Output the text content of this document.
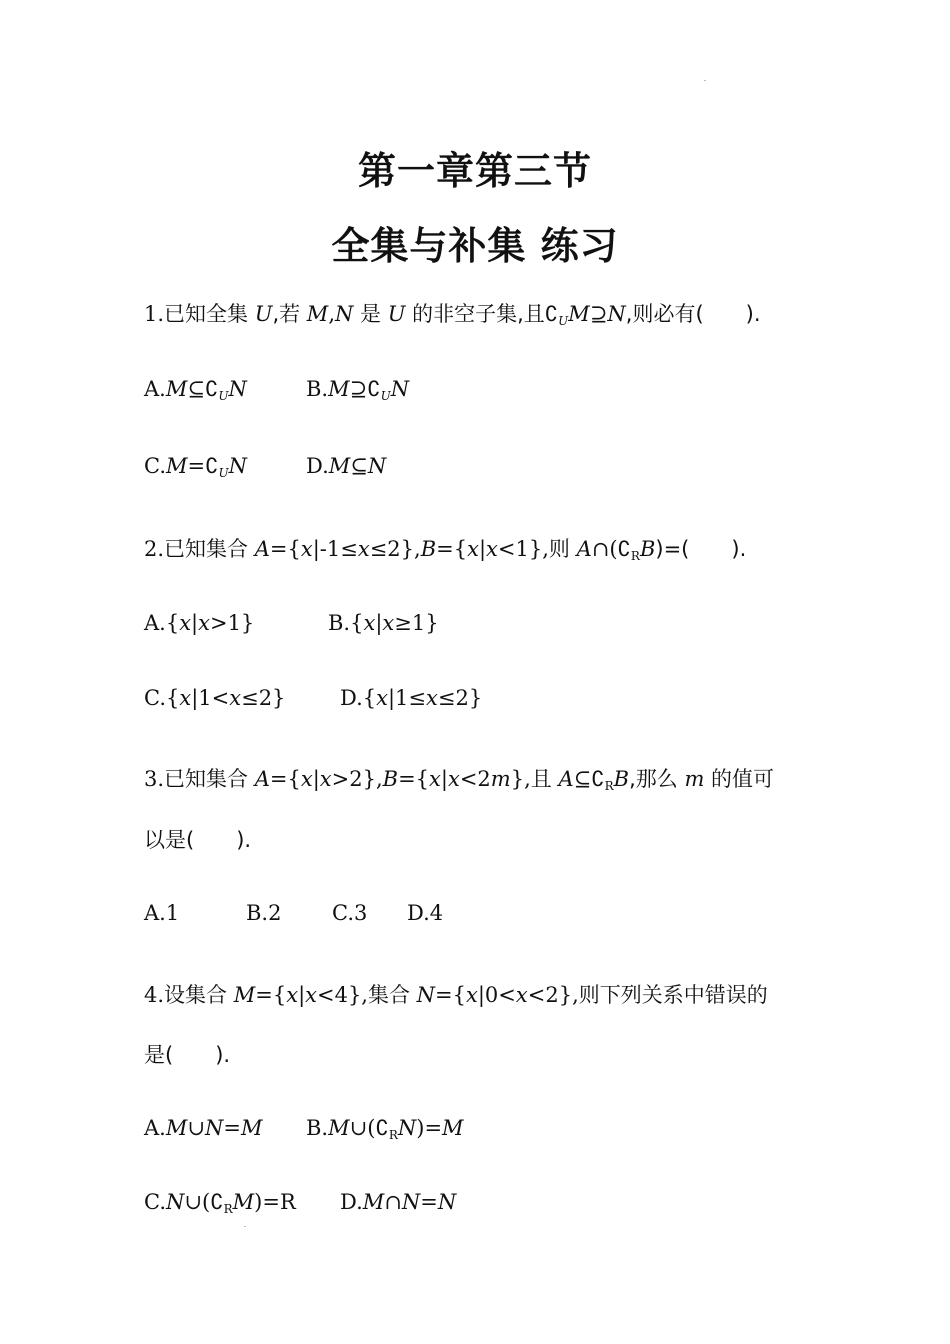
第一章第三节
全集与补集 练习
1.已知全集 U,若 M,N 是 U 的非空子集,且$∁_UM⊇N$,则必有(　　).
$A.M⊆∁_UN$	$B.M⊇∁_UN$
$C.M=∁_UN$	D.M⊆N
2.已知集合 A={x|-1≤x≤2},B={x|x<1},则 $A\cap(∁_RB)=$(　　).
A.{x|x>1}	B.{x|x≥1}
C.{x|1<x≤2}	D.{x|1≤x≤2}
3.已知集合 A={x|x>2},B={x|x<2m},且 $A⊆∁_RB$,那么 m 的值可
以是(　　).
A.1	B.2 C.3 D.4
4.设集合 M={x|x<4},集合 N={x|0<x<2},则下列关系中错误的
是(　　).
A.M∪N=M $B.M\cup(∁_RN)=M$
$C.N\cup(∁_RM)=R$ D.M∩N=N
